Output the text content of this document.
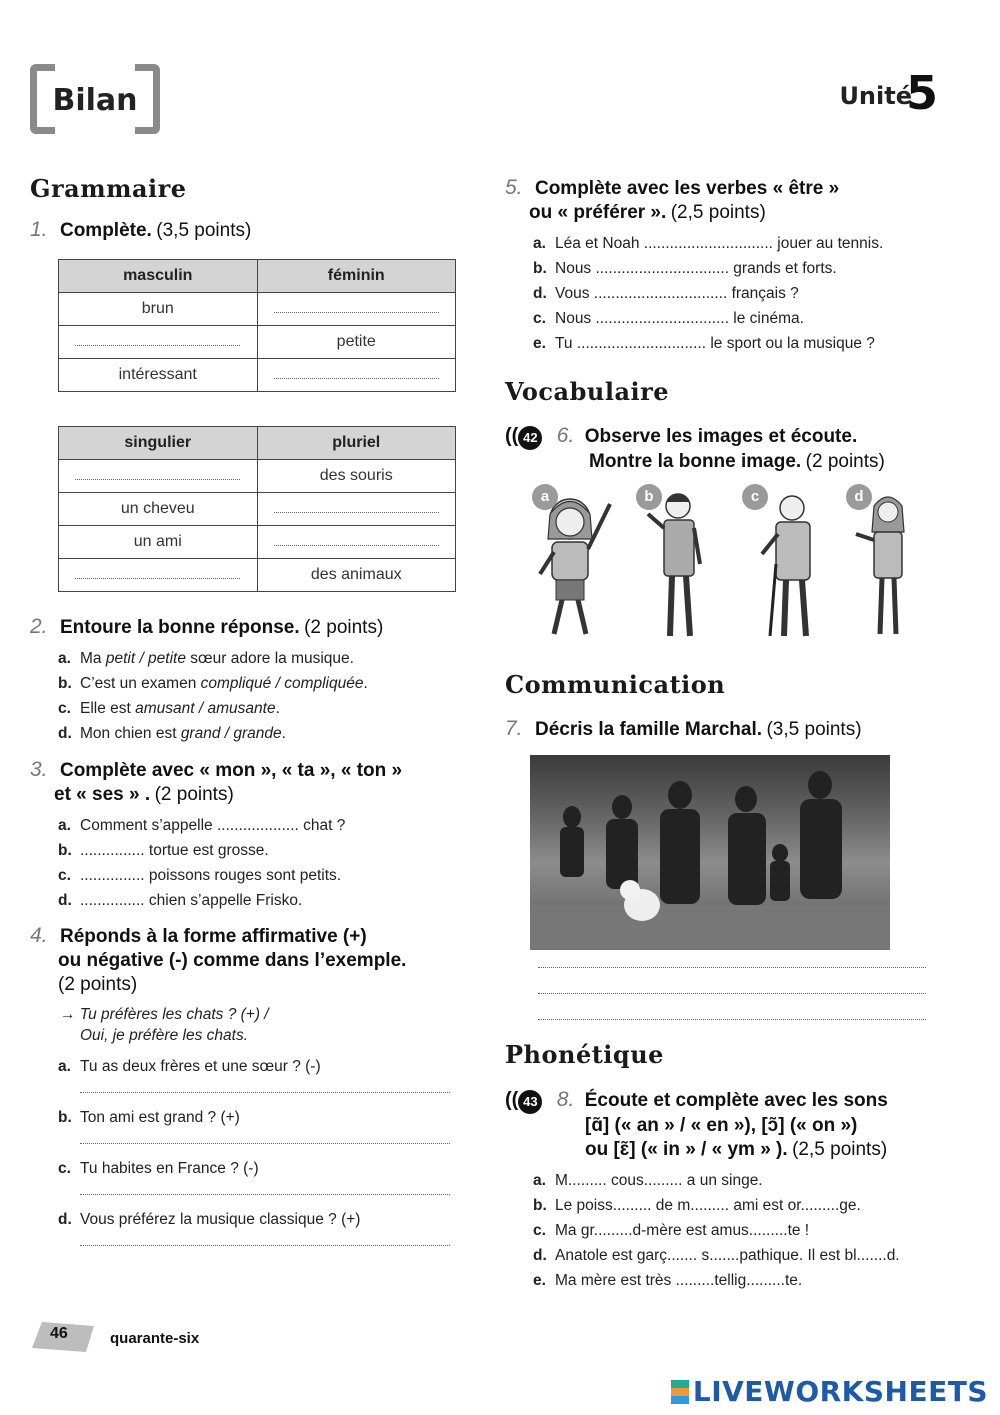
Bilan	Unité
5
Grammaire
1. Complète. (3,5 points)
masculin	féminin
brun	
	petite
intéressant	
singulier	pluriel
	des souris
un cheveu	
un ami	
	des animaux
2. Entoure la bonne réponse. (2 points)
a. Ma petit / petite sœur adore la musique.
b. C’est un examen compliqué / compliquée.
c. Elle est amusant / amusante.
d. Mon chien est grand / grande.
3. Complète avec « mon », « ta », « ton »
et « ses » . (2 points)
a. Comment s’appelle ................... chat ?
b. ............... tortue est grosse.
c. ............... poissons rouges sont petits.
d. ............... chien s’appelle Frisko.
4. Réponds à la forme affirmative (+)
ou négative (-) comme dans l’exemple.
(2 points)
→ Tu préfères les chats ? (+) /
Oui, je préfère les chats.
a. Tu as deux frères et une sœur ? (-)
b. Ton ami est grand ? (+)
c. Tu habites en France ? (-)
d. Vous préférez la musique classique ? (+)
5. Complète avec les verbes « être »
ou « préférer ». (2,5 points)
a. Léa et Noah .............................. jouer au tennis.
b. Nous ............................... grands et forts.
d. Vous ............................... français ?
c. Nous ............................... le cinéma.
e. Tu .............................. le sport ou la musique ?
Vocabulaire
(( 42 6. Observe les images et écoute.
Montre la bonne image. (2 points)
a	b	c	d
Communication
7. Décris la famille Marchal. (3,5 points)
Phonétique
(( 43 8. Écoute et complète avec les sons
[ɑ̃] (« an » / « en »), [ɔ̃] (« on »)
ou [ɛ̃] (« in » / « ym » ). (2,5 points)
a. M......... cous......... a un singe.
b. Le poiss......... de m......... ami est or.........ge.
c. Ma gr.........d-mère est amus.........te !
d. Anatole est garç....... s.......pathique. Il est bl.......d.
e. Ma mère est très .........tellig.........te.
46	quarante-six
LIVEWORKSHEETS
